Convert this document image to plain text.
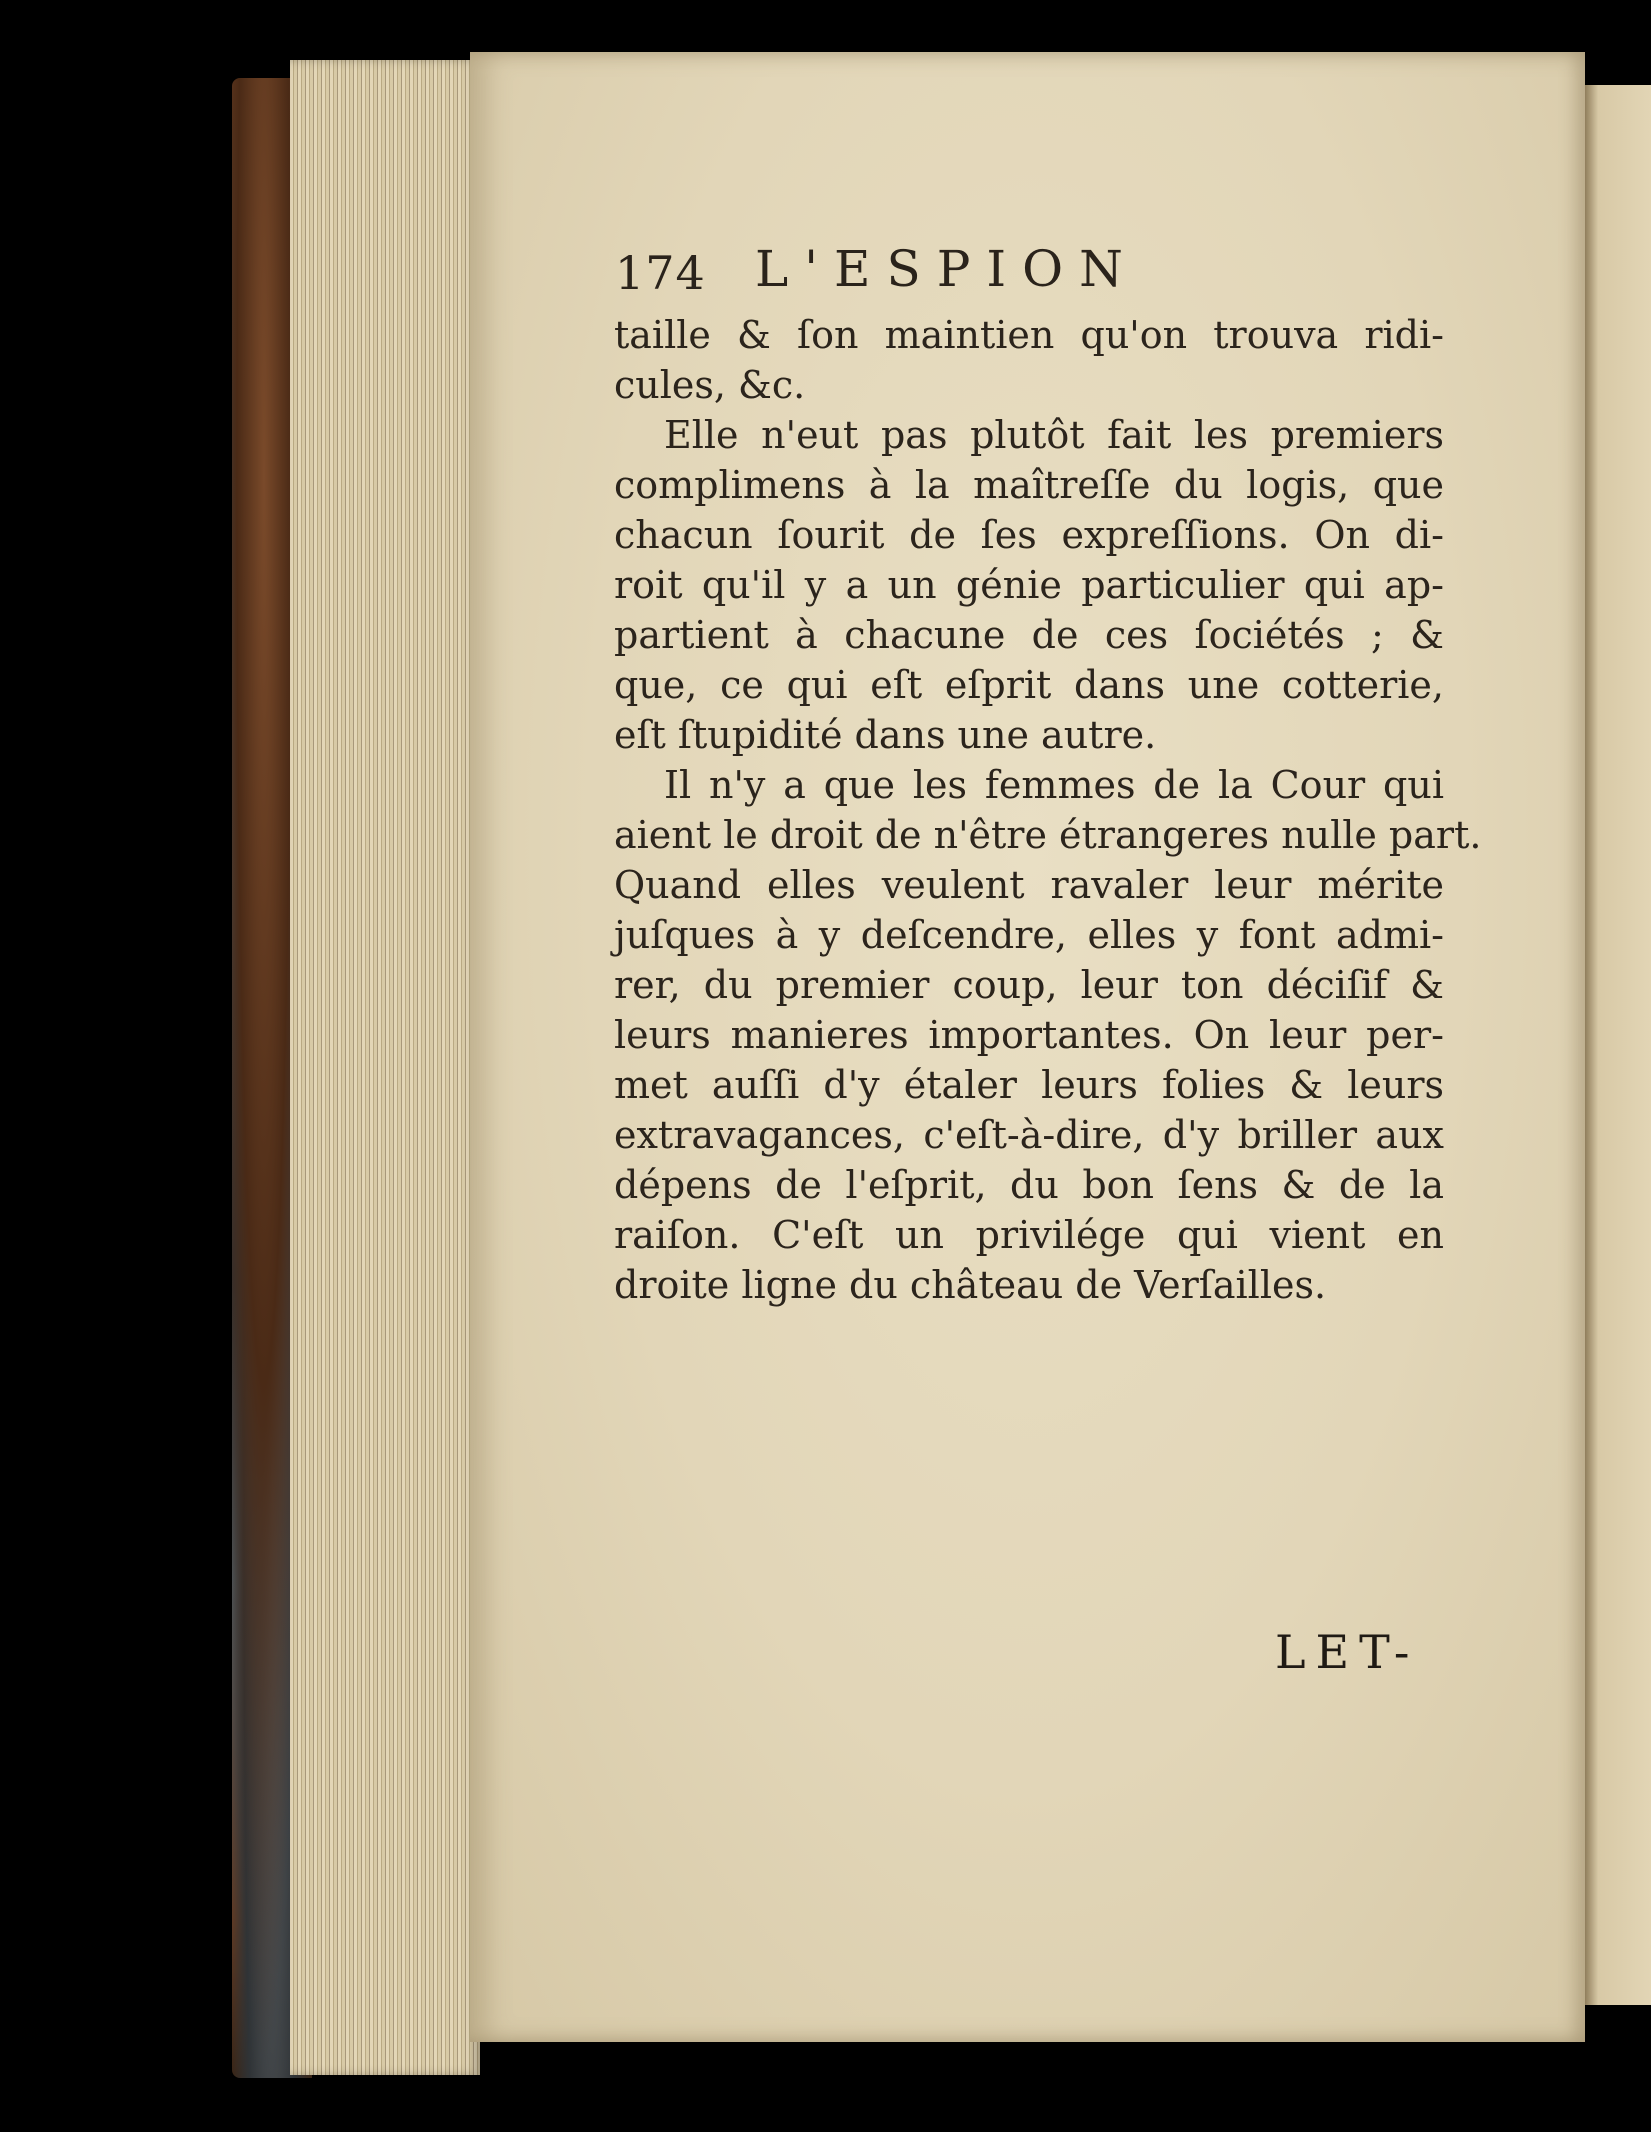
174 L'ESPION
taille & ſon maintien qu'on trouva ridi-
cules, &c.
Elle n'eut pas plutôt fait les premiers
complimens à la maîtreſſe du logis, que
chacun ſourit de ſes expreſſions. On di-
roit qu'il y a un génie particulier qui ap-
partient à chacune de ces ſociétés ; &
que, ce qui eſt eſprit dans une cotterie,
eſt ſtupidité dans une autre.
Il n'y a que les femmes de la Cour qui
aient le droit de n'être étrangeres nulle part.
Quand elles veulent ravaler leur mérite
juſques à y deſcendre, elles y font admi-
rer, du premier coup, leur ton déciſif &
leurs manieres importantes. On leur per-
met auſſi d'y étaler leurs folies & leurs
extravagances, c'eſt-à-dire, d'y briller aux
dépens de l'eſprit, du bon ſens & de la
raiſon. C'eſt un privilége qui vient en
droite ligne du château de Verſailles.
LET-
